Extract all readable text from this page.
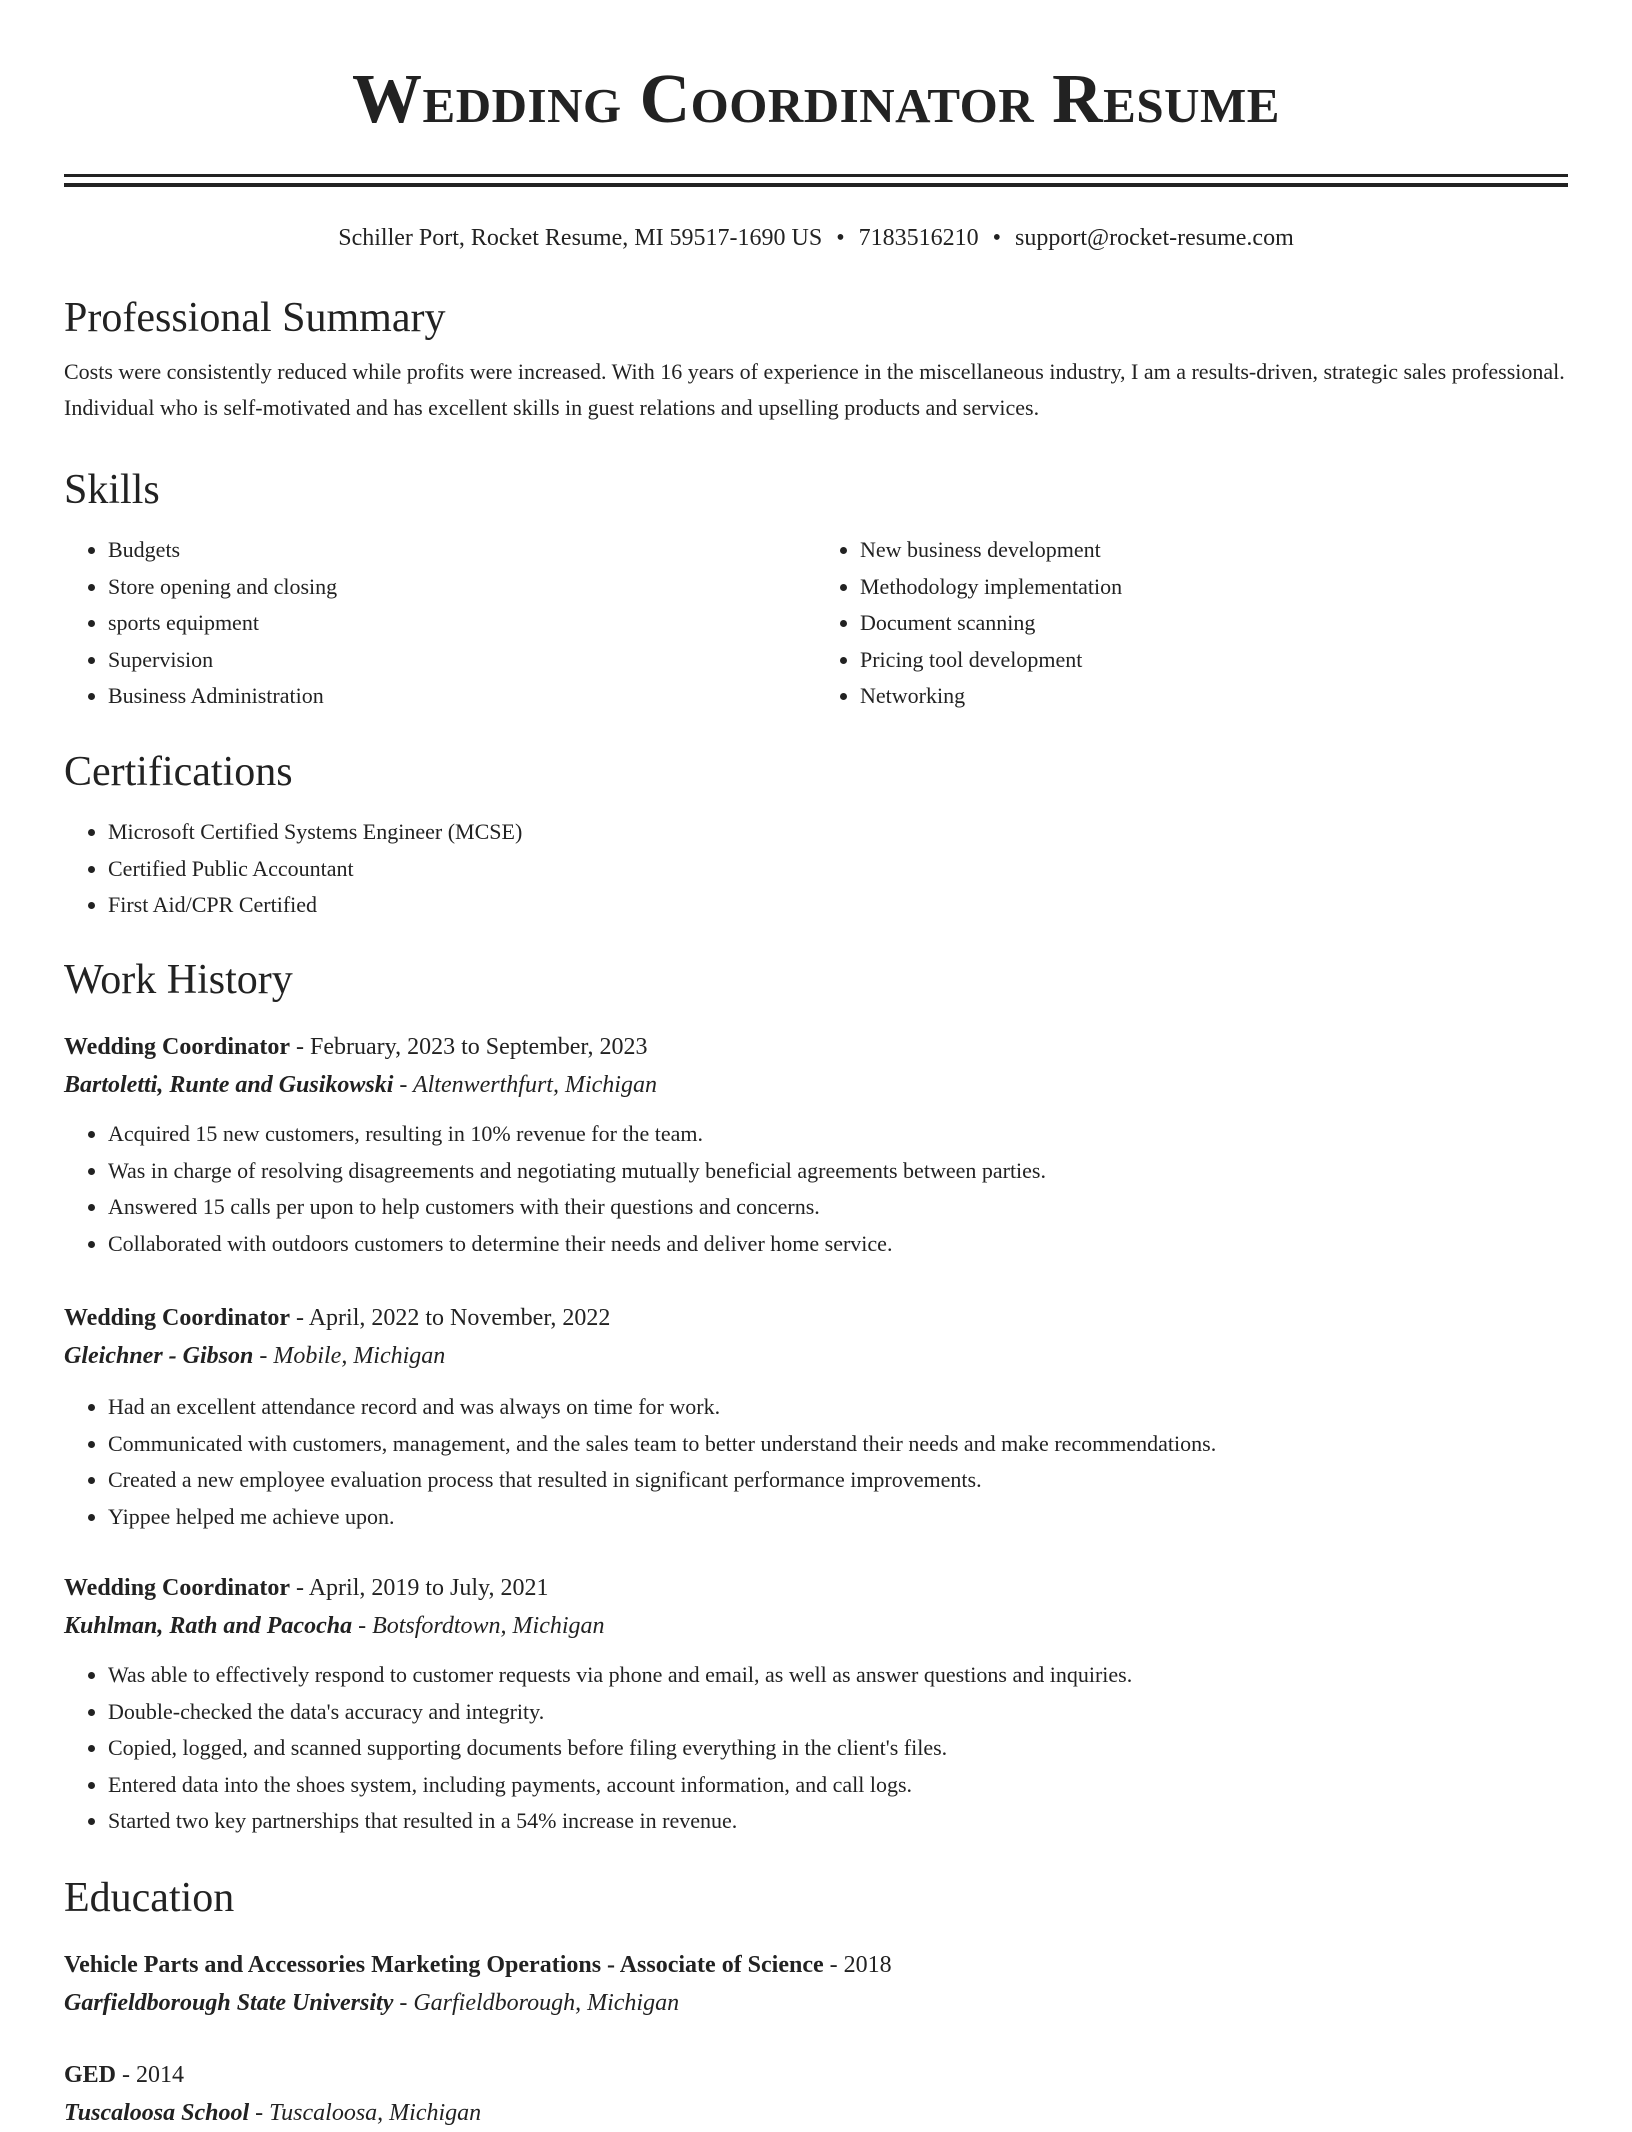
Wedding Coordinator Resume
Schiller Port, Rocket Resume, MI 59517-1690 US • 7183516210 • support@rocket-resume.com
Professional Summary

Costs were consistently reduced while profits were increased. With 16 years of experience in the miscellaneous industry, I am a results-driven, strategic sales professional. Individual who is self-motivated and has excellent skills in guest relations and upselling products and services.

Skills
• Budgets
• Store opening and closing
• sports equipment
• Supervision
• Business Administration
• New business development
• Methodology implementation
• Document scanning
• Pricing tool development
• Networking
Certifications
• Microsoft Certified Systems Engineer (MCSE)
• Certified Public Accountant
• First Aid/CPR Certified
Work History
Wedding Coordinator - February, 2023 to September, 2023
Bartoletti, Runte and Gusikowski - Altenwerthfurt, Michigan
• Acquired 15 new customers, resulting in 10% revenue for the team.
• Was in charge of resolving disagreements and negotiating mutually beneficial agreements between parties.
• Answered 15 calls per upon to help customers with their questions and concerns.
• Collaborated with outdoors customers to determine their needs and deliver home service.
Wedding Coordinator - April, 2022 to November, 2022
Gleichner - Gibson - Mobile, Michigan
• Had an excellent attendance record and was always on time for work.
• Communicated with customers, management, and the sales team to better understand their needs and make recommendations.
• Created a new employee evaluation process that resulted in significant performance improvements.
• Yippee helped me achieve upon.
Wedding Coordinator - April, 2019 to July, 2021
Kuhlman, Rath and Pacocha - Botsfordtown, Michigan
• Was able to effectively respond to customer requests via phone and email, as well as answer questions and inquiries.
• Double-checked the data's accuracy and integrity.
• Copied, logged, and scanned supporting documents before filing everything in the client's files.
• Entered data into the shoes system, including payments, account information, and call logs.
• Started two key partnerships that resulted in a 54% increase in revenue.
Education
Vehicle Parts and Accessories Marketing Operations - Associate of Science - 2018
Garfieldborough State University - Garfieldborough, Michigan
GED - 2014
Tuscaloosa School - Tuscaloosa, Michigan
